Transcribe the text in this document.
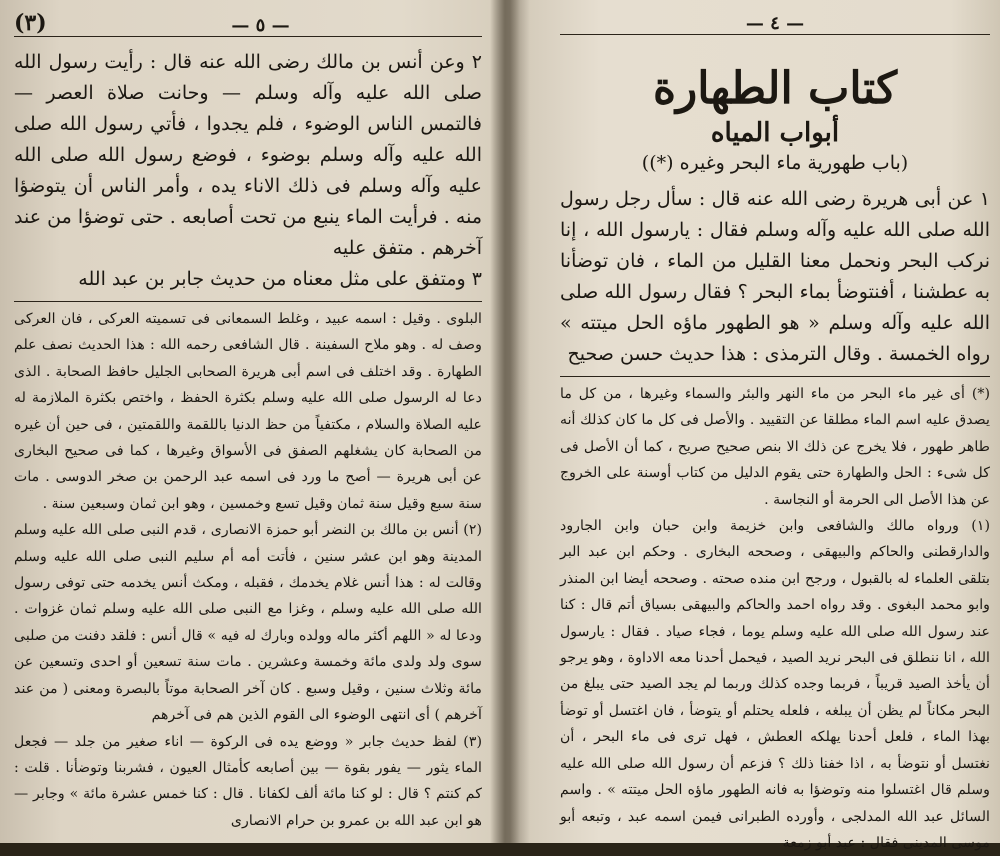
(٣)	— ٥ —

٢ وعن أنس بن مالك رضى الله عنه قال : رأيت رسول الله صلى الله عليه وآله وسلم — وحانت صلاة العصر — فالتمس الناس الوضوء ، فلم يجدوا ، فأتي رسول الله صلى الله عليه وآله وسلم بوضوء ، فوضع رسول الله صلى الله عليه وآله وسلم فى ذلك الاناء يده ، وأمر الناس أن يتوضؤا منه . فرأيت الماء ينبع من تحت أصابعه . حتى توضؤا من عند آخرهم . متفق عليه

٣ ومتفق على مثل معناه من حديث جابر بن عبد الله

البلوى . وقيل : اسمه عبيد ، وغلط السمعانى فى تسميته العركى ، فان العركى وصف له . وهو ملاح السفينة . قال الشافعى رحمه الله : هذا الحديث نصف علم الطهارة . وقد اختلف فى اسم أبى هريرة الصحابى الجليل حافظ الصحابة . الذى دعا له الرسول صلى الله عليه وسلم بكثرة الحفظ ، واختص بكثرة الملازمة له عليه الصلاة والسلام ، مكتفياً من حظ الدنيا باللقمة واللقمتين ، فى حين أن غيره من الصحابة كان يشغلهم الصفق فى الأسواق وغيرها ، كما فى صحيح البخارى عن أبى هريرة — أصح ما ورد فى اسمه عبد الرحمن بن صخر الدوسى . مات سنة سبع وقيل سنة ثمان وقيل تسع وخمسين ، وهو ابن ثمان وسبعين سنة .

(٢) أنس بن مالك بن النضر أبو حمزة الانصارى ، قدم النبى صلى الله عليه وسلم المدينة وهو ابن عشر سنين ، فأتت أمه أم سليم النبى صلى الله عليه وسلم وقالت له : هذا أنس غلام يخدمك ، فقبله ، ومكث أنس يخدمه حتى توفى رسول الله صلى الله عليه وسلم ، وغزا مع النبى صلى الله عليه وسلم ثمان غزوات . ودعا له « اللهم أكثر ماله وولده وبارك له فيه » قال أنس : فلقد دفنت من صلبى سوى ولد ولدى مائة وخمسة وعشرين . مات سنة تسعين أو احدى وتسعين عن مائة وثلاث سنين ، وقيل وسبع . كان آخر الصحابة موتاً بالبصرة ومعنى ( من عند آخرهم ) أى انتهى الوضوء الى القوم الذين هم فى آخرهم

(٣) لفظ حديث جابر « ووضع يده فى الركوة — اناء صغير من جلد — فجعل الماء يثور — يفور بقوة — بين أصابعه كأمثال العيون ، فشربنا وتوضأنا . قلت : كم كنتم ؟ قال : لو كنا مائة ألف لكفانا . قال : كنا خمس عشرة مائة » وجابر — هو ابن عبد الله بن عمرو بن حرام الانصارى

— ٤ —
كتاب الطهارة
أبواب المياه
(باب طهورية ماء البحر وغيره (*))

١ عن أبى هريرة رضى الله عنه قال : سأل رجل رسول الله صلى الله عليه وآله وسلم فقال : يارسول الله ، إنا نركب البحر ونحمل معنا القليل من الماء ، فان توضأنا به عطشنا ، أفنتوضأ بماء البحر ؟ فقال رسول الله صلى الله عليه وآله وسلم « هو الطهور ماؤه الحل ميتته » رواه الخمسة . وقال الترمذى : هذا حديث حسن صحيح

(*) أى غير ماء البحر من ماء النهر والبئر والسماء وغيرها ، من كل ما يصدق عليه اسم الماء مطلقا عن التقييد . والأصل فى كل ما كان كذلك أنه طاهر طهور ، فلا يخرج عن ذلك الا بنص صحيح صريح ، كما أن الأصل فى كل شىء : الحل والطهارة حتى يقوم الدليل من كتاب أوسنة على الخروج عن هذا الأصل الى الحرمة أو النجاسة .

(١) ورواه مالك والشافعى وابن خزيمة وابن حبان وابن الجارود والدارقطنى والحاكم والبيهقى ، وصححه البخارى . وحكم ابن عبد البر بتلقى العلماء له بالقبول ، ورجح ابن منده صحته . وصححه أيضا ابن المنذر وابو محمد البغوى . وقد رواه احمد والحاكم والبيهقى بسياق أتم قال : كنا عند رسول الله صلى الله عليه وسلم يوما ، فجاء صياد . فقال : يارسول الله ، انا ننطلق فى البحر نريد الصيد ، فيحمل أحدنا معه الاداوة ، وهو يرجو أن يأخذ الصيد قريباً ، فربما وجده كذلك وربما لم يجد الصيد حتى يبلغ من البحر مكاناً لم يظن أن يبلغه ، فلعله يحتلم أو يتوضأ ، فان اغتسل أو توضأ بهذا الماء ، فلعل أحدنا يهلكه العطش ، فهل ترى فى ماء البحر ، أن نغتسل أو نتوضأ به ، اذا خفنا ذلك ؟ فزعم أن رسول الله صلى الله عليه وسلم قال اغتسلوا منه وتوضؤا به فانه الطهور ماؤه الحل ميتته » . واسم السائل عبد الله المدلجى ، وأورده الطبرانى فيمن اسمه عبد ، وتبعه أبو موسى المدينى فقال : عبد أبو زمعة
